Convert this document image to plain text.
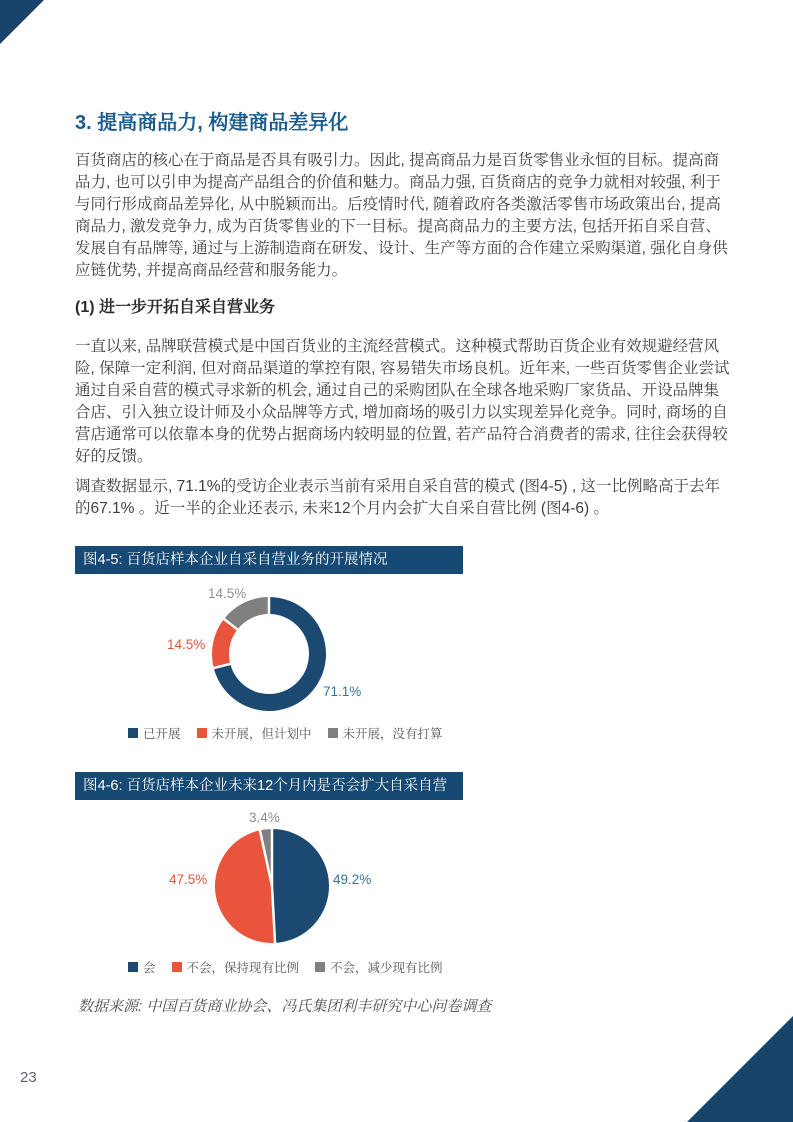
3. 提高商品力, 构建商品差异化
百货商店的核心在于商品是否具有吸引力。因此, 提高商品力是百货零售业永恒的目标。提高商品力, 也可以引申为提高产品组合的价值和魅力。商品力强, 百货商店的竞争力就相对较强, 利于与同行形成商品差异化, 从中脱颖而出。后疫情时代, 随着政府各类激活零售市场政策出台, 提高商品力, 激发竞争力, 成为百货零售业的下一目标。提高商品力的主要方法, 包括开拓自采自营、发展自有品牌等, 通过与上游制造商在研发、设计、生产等方面的合作建立采购渠道, 强化自身供应链优势, 并提高商品经营和服务能力。
(1) 进一步开拓自采自营业务
一直以来, 品牌联营模式是中国百货业的主流经营模式。这种模式帮助百货企业有效规避经营风险, 保障一定利润, 但对商品渠道的掌控有限, 容易错失市场良机。近年来, 一些百货零售企业尝试通过自采自营的模式寻求新的机会, 通过自己的采购团队在全球各地采购厂家货品、开设品牌集合店、引入独立设计师及小众品牌等方式, 增加商场的吸引力以实现差异化竞争。同时, 商场的自营店通常可以依靠本身的优势占据商场内较明显的位置, 若产品符合消费者的需求, 往往会获得较好的反馈。
调查数据显示, 71.1%的受访企业表示当前有采用自采自营的模式 (图4-5) , 这一比例略高于去年的67.1% 。近一半的企业还表示, 未来12个月内会扩大自采自营比例 (图4-6) 。
图4-5: 百货店样本企业自采自营业务的开展情况
14.5%
14.5%
71.1%
已开展 未开展，但计划中 未开展，没有打算
图4-6: 百货店样本企业未来12个月内是否会扩大自采自营
3.4%
47.5%	49.2%
会 不会，保持现有比例 不会，减少现有比例
数据来源: 中国百货商业协会、冯氏集团利丰研究中心问卷调查
23
